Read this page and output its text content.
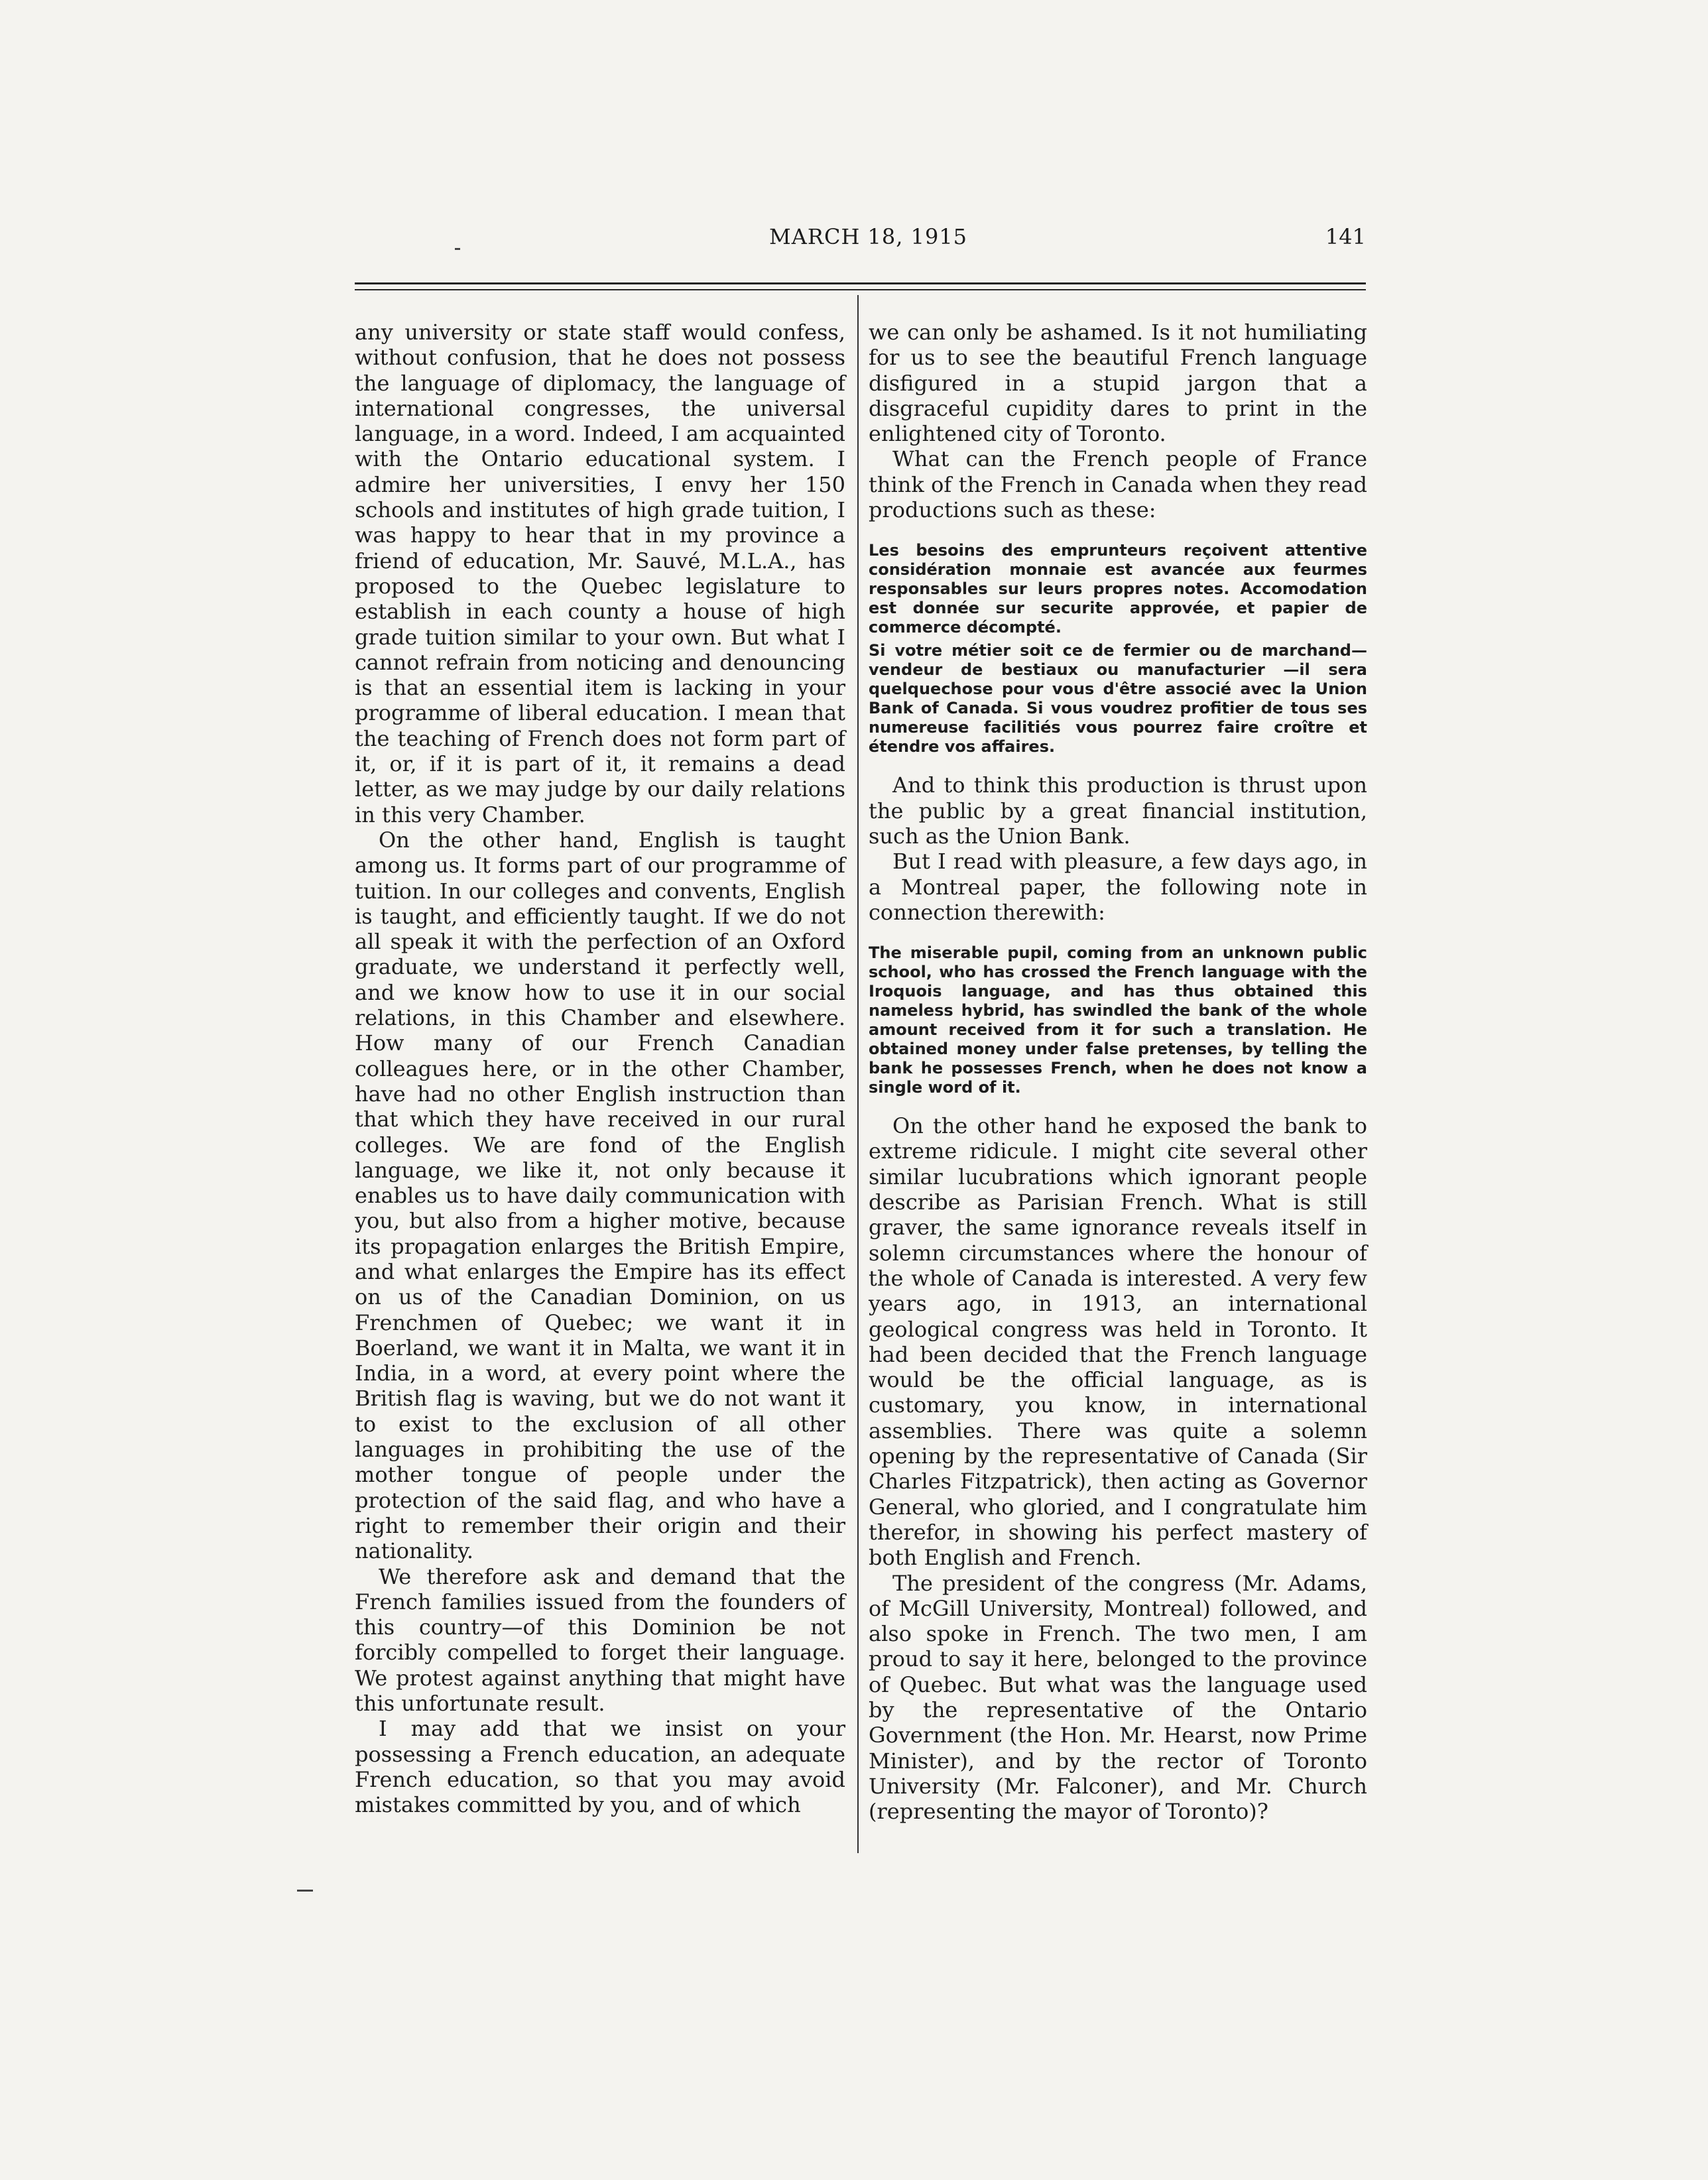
MARCH 18, 1915	141

any university or state staff would confess, without confusion, that he does not possess the language of diplomacy, the language of international congresses, the universal language, in a word. Indeed, I am acquainted with the Ontario educational system. I admire her universities, I envy her 150 schools and institutes of high grade tuition, I was happy to hear that in my province a friend of education, Mr. Sauvé, M.L.A., has proposed to the Quebec legislature to establish in each county a house of high grade tuition similar to your own. But what I cannot refrain from noticing and denouncing is that an essential item is lacking in your programme of liberal education. I mean that the teaching of French does not form part of it, or, if it is part of it, it remains a dead letter, as we may judge by our daily relations in this very Chamber.

On the other hand, English is taught among us. It forms part of our programme of tuition. In our colleges and convents, English is taught, and efficiently taught. If we do not all speak it with the perfection of an Oxford graduate, we understand it perfectly well, and we know how to use it in our social relations, in this Chamber and elsewhere. How many of our French Canadian colleagues here, or in the other Chamber, have had no other English instruction than that which they have received in our rural colleges. We are fond of the English language, we like it, not only because it enables us to have daily communication with you, but also from a higher motive, because its propagation enlarges the British Empire, and what enlarges the Empire has its effect on us of the Canadian Dominion, on us Frenchmen of Quebec; we want it in Boerland, we want it in Malta, we want it in India, in a word, at every point where the British flag is waving, but we do not want it to exist to the exclusion of all other languages in prohibiting the use of the mother tongue of people under the protection of the said flag, and who have a right to remember their origin and their nationality.

We therefore ask and demand that the French families issued from the founders of this country—of this Dominion be not forcibly compelled to forget their language. We protest against anything that might have this unfortunate result.

I may add that we insist on your possessing a French education, an adequate French education, so that you may avoid mistakes committed by you, and of which

we can only be ashamed. Is it not humiliating for us to see the beautiful French language disfigured in a stupid jargon that a disgraceful cupidity dares to print in the enlightened city of Toronto.

What can the French people of France think of the French in Canada when they read productions such as these:

Les besoins des emprunteurs reçoivent attentive considération monnaie est avancée aux feurmes responsables sur leurs propres notes. Accomodation est donnée sur securite approvée, et papier de commerce décompté.

Si votre métier soit ce de fermier ou de marchand—vendeur de bestiaux ou manufacturier —il sera quelquechose pour vous d'être associé avec la Union Bank of Canada. Si vous voudrez profitier de tous ses numereuse facilitiés vous pourrez faire croître et étendre vos affaires.

And to think this production is thrust upon the public by a great financial institution, such as the Union Bank.

But I read with pleasure, a few days ago, in a Montreal paper, the following note in connection therewith:

The miserable pupil, coming from an unknown public school, who has crossed the French language with the Iroquois language, and has thus obtained this nameless hybrid, has swindled the bank of the whole amount received from it for such a translation. He obtained money under false pretenses, by telling the bank he possesses French, when he does not know a single word of it.

On the other hand he exposed the bank to extreme ridicule. I might cite several other similar lucubrations which ignorant people describe as Parisian French. What is still graver, the same ignorance reveals itself in solemn circumstances where the honour of the whole of Canada is interested. A very few years ago, in 1913, an international geological congress was held in Toronto. It had been decided that the French language would be the official language, as is customary, you know, in international assemblies. There was quite a solemn opening by the representative of Canada (Sir Charles Fitzpatrick), then acting as Governor General, who gloried, and I congratulate him therefor, in showing his perfect mastery of both English and French.

The president of the congress (Mr. Adams, of McGill University, Montreal) followed, and also spoke in French. The two men, I am proud to say it here, belonged to the province of Quebec. But what was the language used by the representative of the Ontario Government (the Hon. Mr. Hearst, now Prime Minister), and by the rector of Toronto University (Mr. Falconer), and Mr. Church (representing the mayor of Toronto)?
